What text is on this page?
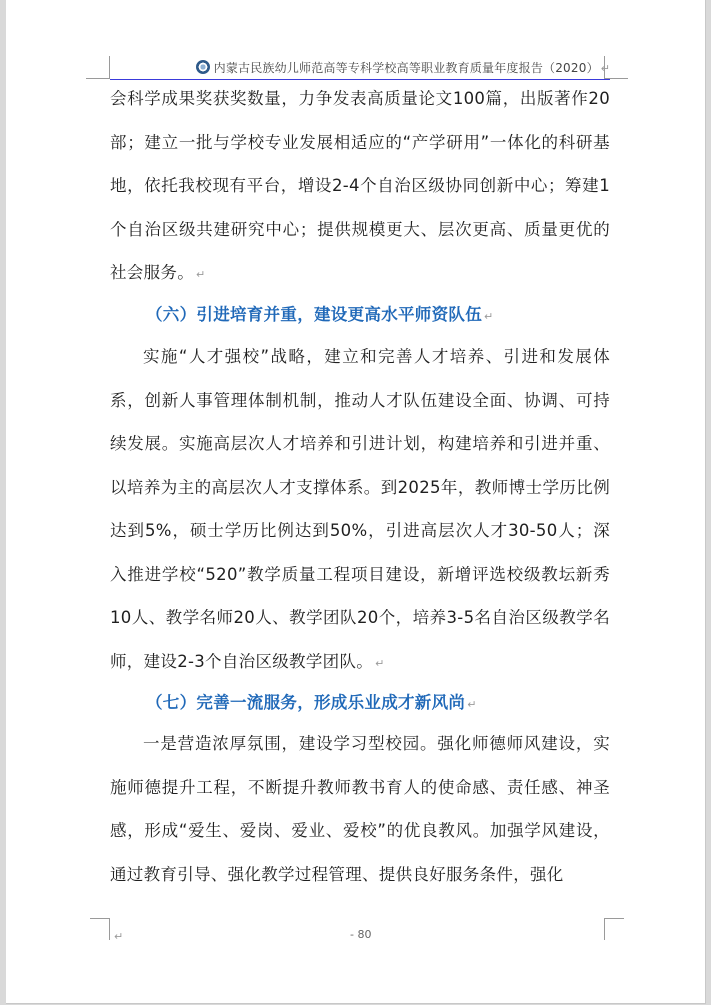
内蒙古民族幼儿师范高等专科学校高等职业教育质量年度报告（2020） ↵
会科学成果奖获奖数量，力争发表高质量论文100篇，出版著作20部；建立一批与学校专业发展相适应的“产学研用”一体化的科研基地，依托我校现有平台，增设2-4个自治区级协同创新中心；筹建1个自治区级共建研究中心；提供规模更大、层次更高、质量更优的社会服务。 ↵
（六）引进培育并重，建设更高水平师资队伍 ↵
实施“人才强校”战略，建立和完善人才培养、引进和发展体系，创新人事管理体制机制，推动人才队伍建设全面、协调、可持续发展。实施高层次人才培养和引进计划，构建培养和引进并重、以培养为主的高层次人才支撑体系。到2025年，教师博士学历比例达到5%，硕士学历比例达到50%，引进高层次人才30-50人；深入推进学校“520”教学质量工程项目建设，新增评选校级教坛新秀10人、教学名师20人、教学团队20个，培养3-5名自治区级教学名师，建设2-3个自治区级教学团队。 ↵
（七）完善一流服务，形成乐业成才新风尚 ↵
一是营造浓厚氛围，建设学习型校园。强化师德师风建设，实施师德提升工程，不断提升教师教书育人的使命感、责任感、神圣感，形成“爱生、爱岗、爱业、爱校”的优良教风。加强学风建设，通过教育引导、强化教学过程管理、提供良好服务条件，强化
↵	- 80
